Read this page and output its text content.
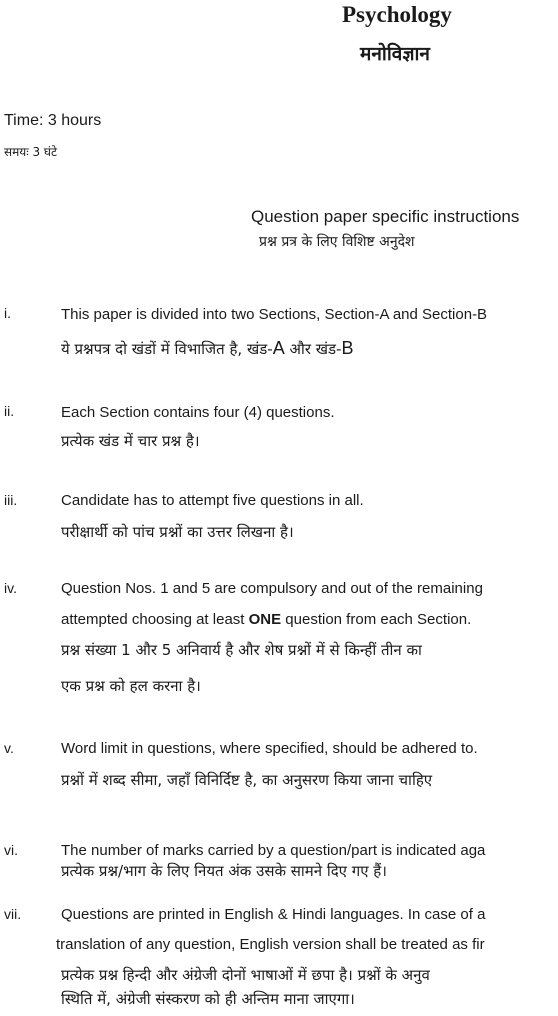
Psychology
मनोविज्ञान
Time: 3 hours
समयः 3 घंटे
Question paper specific instructions
प्रश्न प्रत्र के लिए विशिष्ट अनुदेश
i.	This paper is divided into two Sections, Section-A and Section-B
ये प्रश्नपत्र दो खंडों में विभाजित है, खंड-A और खंड-B
ii.	Each Section contains four (4) questions.
प्रत्येक खंड में चार प्रश्न है।
iii.	Candidate has to attempt five questions in all.
परीक्षार्थी को पांच प्रश्नों का उत्तर लिखना है।
iv.	Question Nos. 1 and 5 are compulsory and out of the remaining
attempted choosing at least ONE question from each Section.
प्रश्न संख्या 1 और 5 अनिवार्य है और शेष प्रश्नों में से किन्हीं तीन का
एक प्रश्न को हल करना है।
v.	Word limit in questions, where specified, should be adhered to.
प्रश्नों में शब्द सीमा, जहाँ विनिर्दिष्ट है, का अनुसरण किया जाना चाहिए
vi.	The number of marks carried by a question/part is indicated aga
प्रत्येक प्रश्न/भाग के लिए नियत अंक उसके सामने दिए गए हैं।
vii.	Questions are printed in English & Hindi languages. In case of a
translation of any question, English version shall be treated as fir
प्रत्येक प्रश्न हिन्दी और अंग्रेजी दोनों भाषाओं में छपा है। प्रश्नों के अनुव
स्थिति में, अंग्रेजी संस्करण को ही अन्तिम माना जाएगा।
